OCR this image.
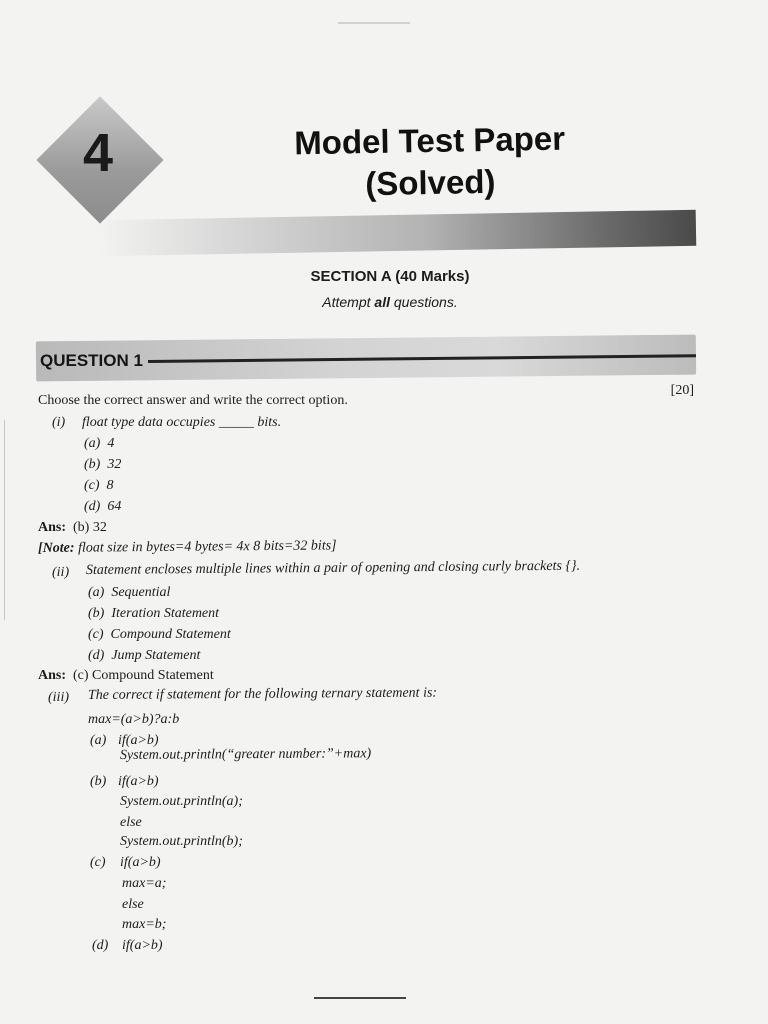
4	Model Test Paper
(Solved)
SECTION A (40 Marks)
Attempt all questions.
QUESTION 1
[20]
Choose the correct answer and write the correct option.
(i) float type data occupies _____ bits.
(a) 4
(b) 32
(c) 8
(d) 64
Ans: (b) 32
[Note: float size in bytes=4 bytes= 4x 8 bits=32 bits]
(ii) Statement encloses multiple lines within a pair of opening and closing curly brackets {}.
(a) Sequential
(b) Iteration Statement
(c) Compound Statement
(d) Jump Statement
Ans: (c) Compound Statement
(iii) The correct if statement for the following ternary statement is:
max=(a>b)?a:b
(a) if(a>b)
System.out.println(“greater number:”+max)
(b) if(a>b)
System.out.println(a);
else
System.out.println(b);
(c) if(a>b)
max=a;
else
max=b;
(d) if(a>b)
